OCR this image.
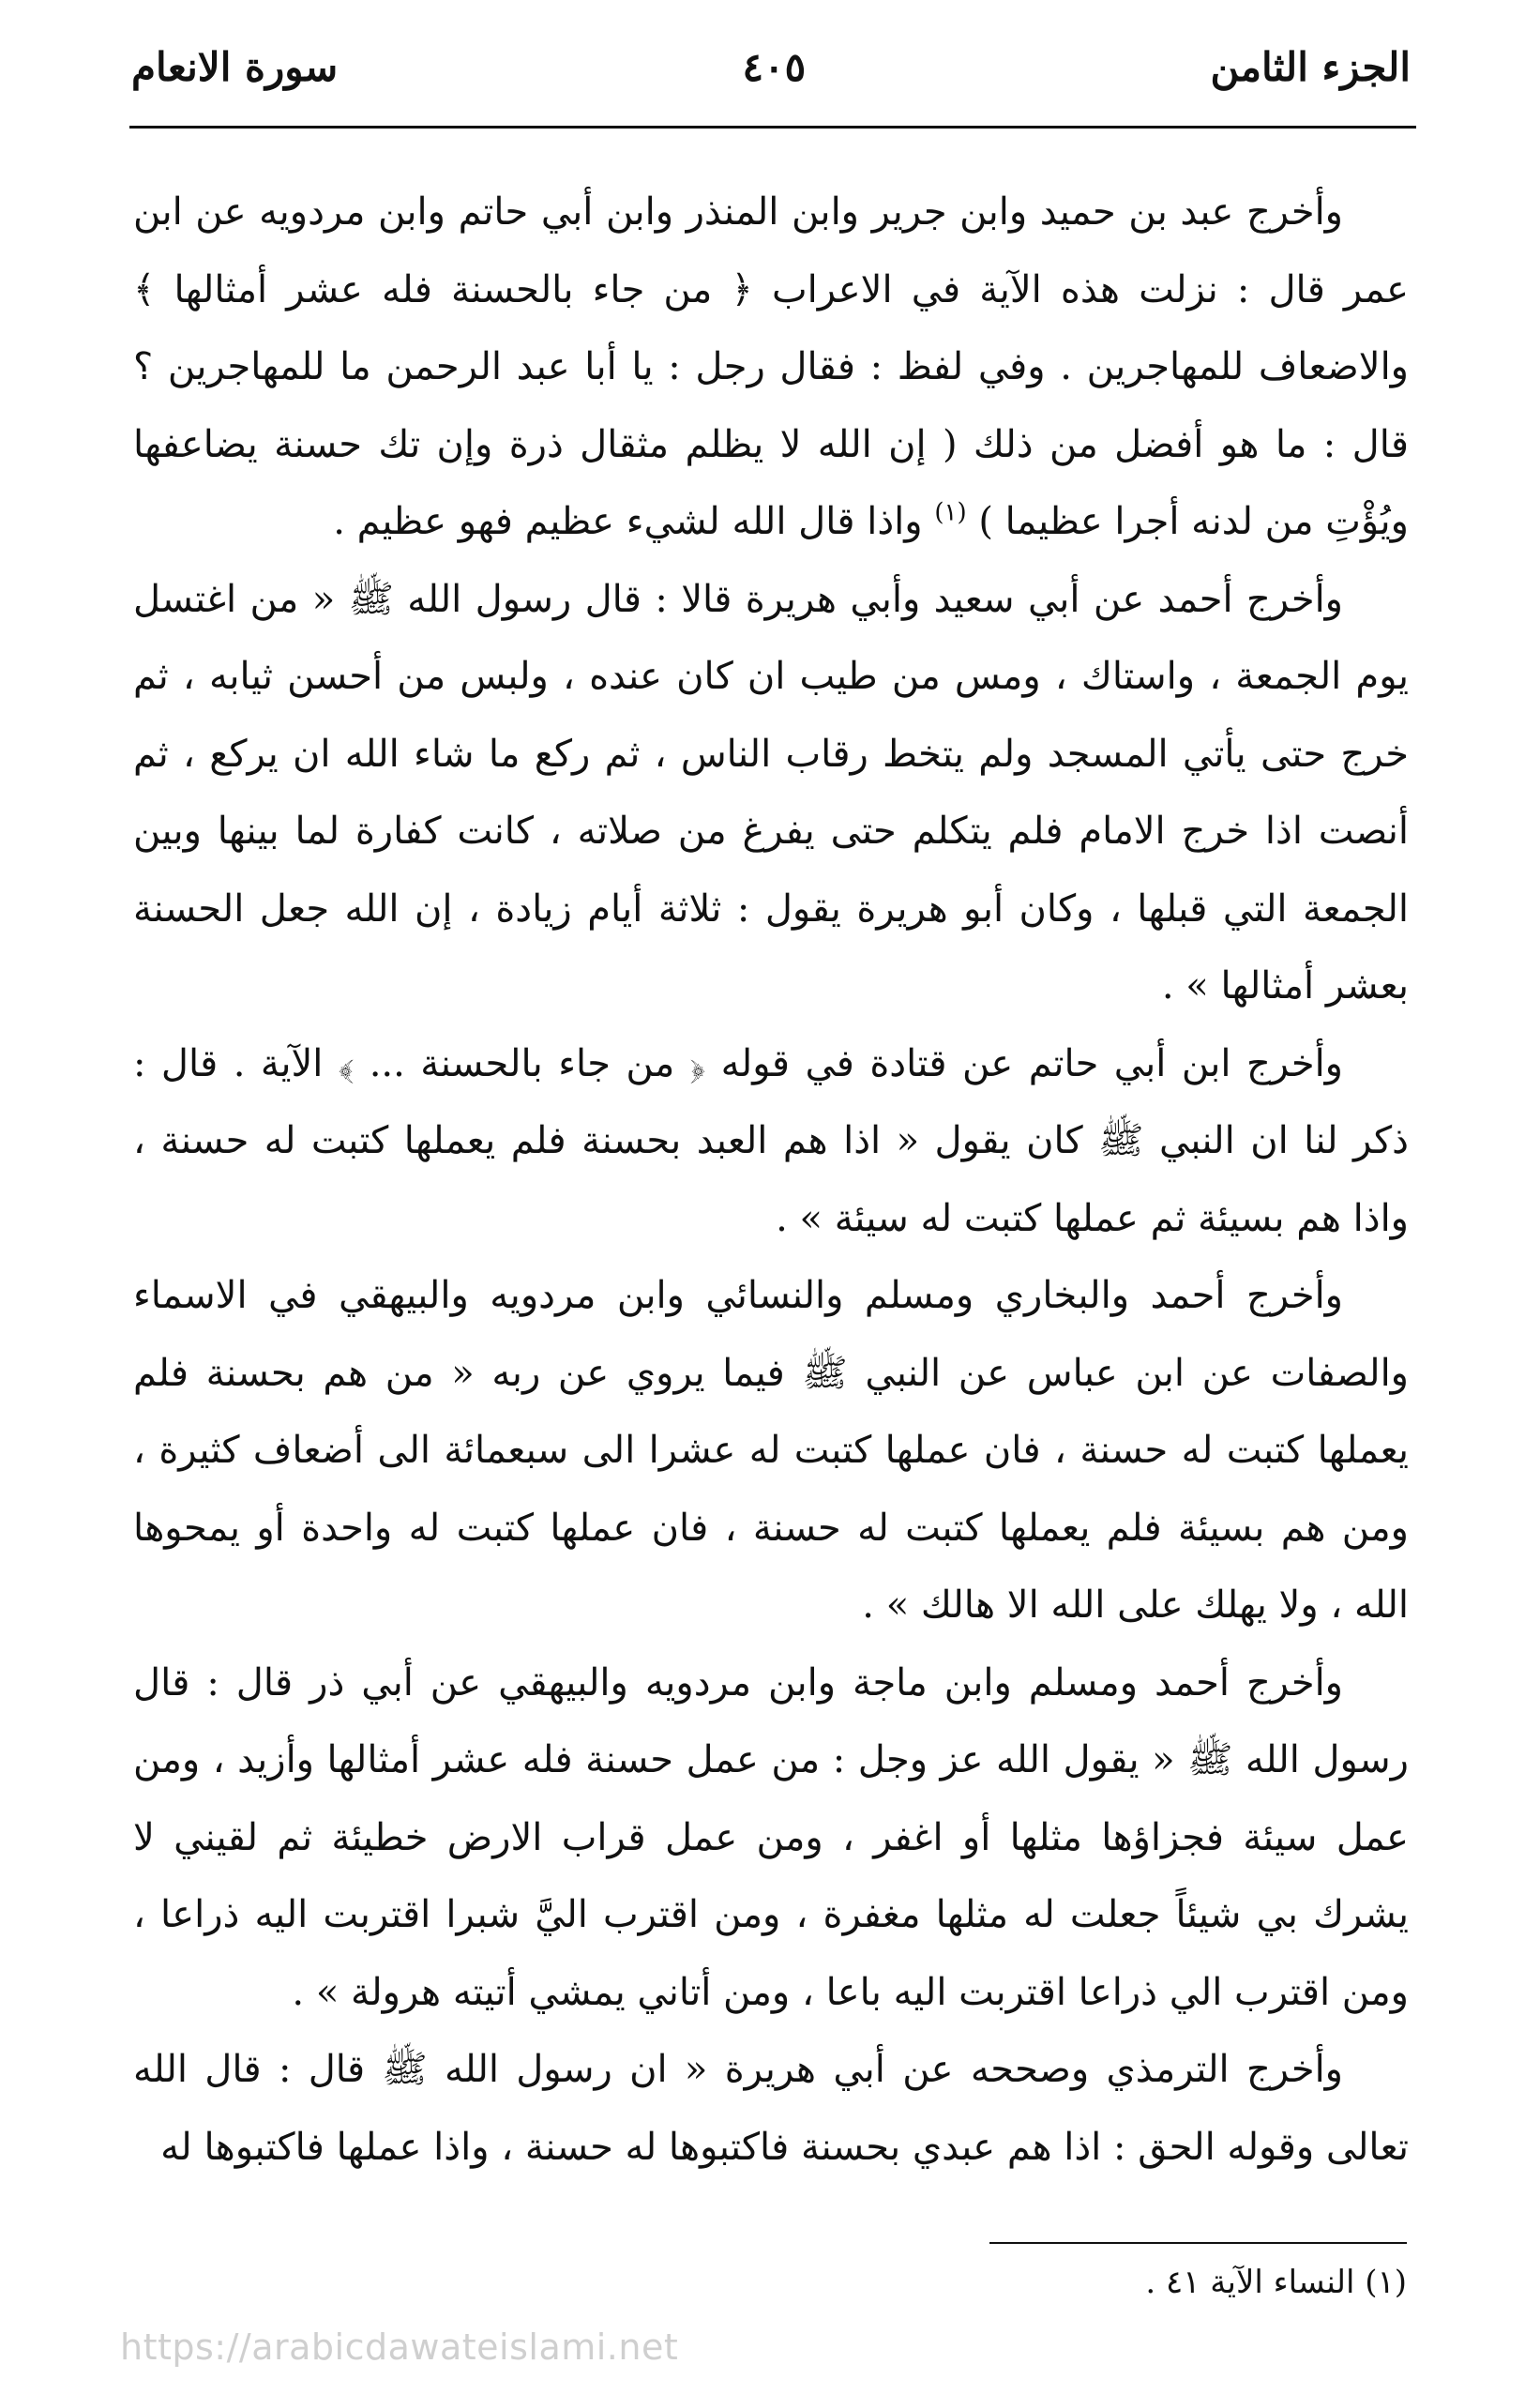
الجزء الثامن
٤٠٥
سورة الانعام

وأخرج عبد بن حميد وابن جرير وابن المنذر وابن أبي حاتم وابن مردويه عن ابن عمر قال : نزلت هذه الآية في الاعراب ﴿ من جاء بالحسنة فله عشر أمثالها ﴾ والاضعاف للمهاجرين . وفي لفظ : فقال رجل : يا أبا عبد الرحمن ما للمهاجرين ؟ قال : ما هو أفضل من ذلك ( إن الله لا يظلم مثقال ذرة وإن تك حسنة يضاعفها ويُؤْتِ من لدنه أجرا عظيما ) $^{(١)}$ واذا قال الله لشيء عظيم فهو عظيم .

وأخرج أحمد عن أبي سعيد وأبي هريرة قالا : قال رسول الله ﷺ « من اغتسل يوم الجمعة ، واستاك ، ومس من طيب ان كان عنده ، ولبس من أحسن ثيابه ، ثم خرج حتى يأتي المسجد ولم يتخط رقاب الناس ، ثم ركع ما شاء الله ان يركع ، ثم أنصت اذا خرج الامام فلم يتكلم حتى يفرغ من صلاته ، كانت كفارة لما بينها وبين الجمعة التي قبلها ، وكان أبو هريرة يقول : ثلاثة أيام زيادة ، إن الله جعل الحسنة بعشر أمثالها » .

وأخرج ابن أبي حاتم عن قتادة في قوله ﴿ من جاء بالحسنة ... ﴾ الآية . قال : ذكر لنا ان النبي ﷺ كان يقول « اذا هم العبد بحسنة فلم يعملها كتبت له حسنة ، واذا هم بسيئة ثم عملها كتبت له سيئة » .

وأخرج أحمد والبخاري ومسلم والنسائي وابن مردويه والبيهقي في الاسماء والصفات عن ابن عباس عن النبي ﷺ فيما يروي عن ربه « من هم بحسنة فلم يعملها كتبت له حسنة ، فان عملها كتبت له عشرا الى سبعمائة الى أضعاف كثيرة ، ومن هم بسيئة فلم يعملها كتبت له حسنة ، فان عملها كتبت له واحدة أو يمحوها الله ، ولا يهلك على الله الا هالك » .

وأخرج أحمد ومسلم وابن ماجة وابن مردويه والبيهقي عن أبي ذر قال : قال رسول الله ﷺ « يقول الله عز وجل : من عمل حسنة فله عشر أمثالها وأزيد ، ومن عمل سيئة فجزاؤها مثلها أو اغفر ، ومن عمل قراب الارض خطيئة ثم لقيني لا يشرك بي شيئاً جعلت له مثلها مغفرة ، ومن اقترب اليَّ شبرا اقتربت اليه ذراعا ، ومن اقترب الي ذراعا اقتربت اليه باعا ، ومن أتاني يمشي أتيته هرولة » .

وأخرج الترمذي وصححه عن أبي هريرة « ان رسول الله ﷺ قال : قال الله تعالى وقوله الحق : اذا هم عبدي بحسنة فاكتبوها له حسنة ، واذا عملها فاكتبوها له

(١) النساء الآية ٤١ .
https://arabicdawateislami.net
